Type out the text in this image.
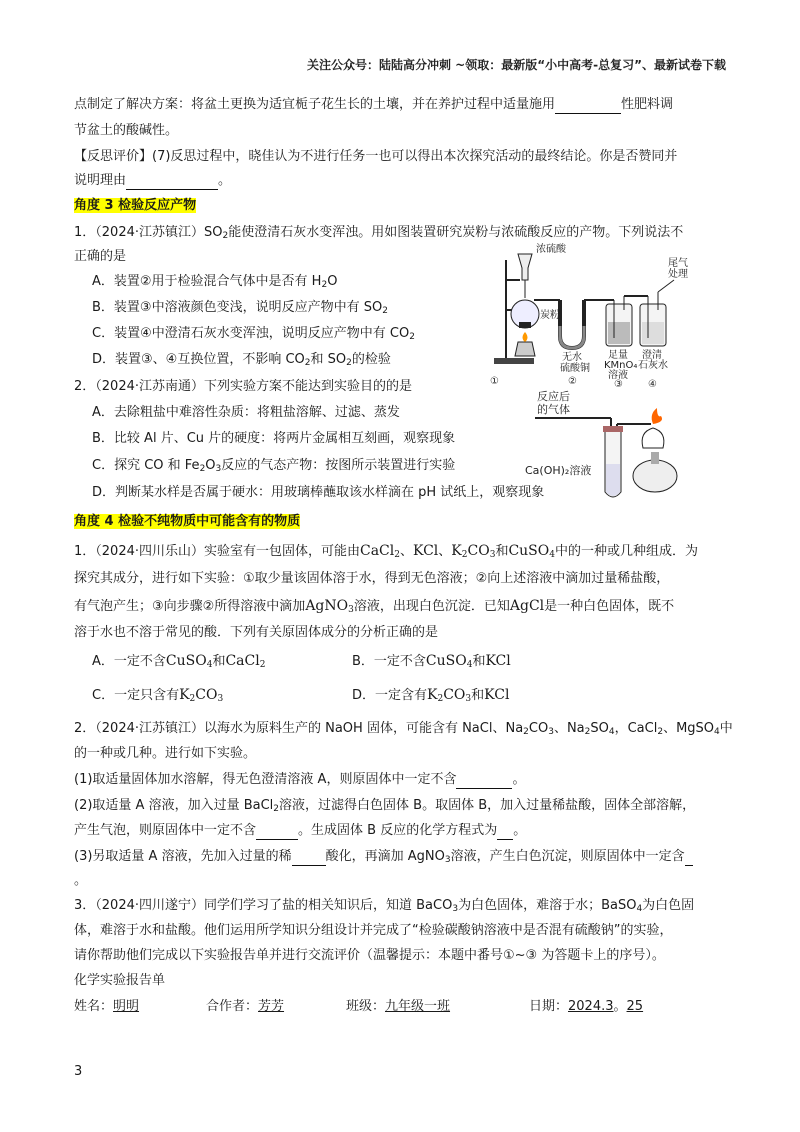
关注公众号：陆陆高分冲刺 ~领取：最新版“小中高考-总复习”、最新试卷下载
点制定了解决方案：将盆土更换为适宜栀子花生长的土壤，并在养护过程中适量施用	性肥料调
节盆土的酸碱性。
【反思评价】(7)反思过程中，晓佳认为不进行任务一也可以得出本次探究活动的最终结论。你是否赞同并
说明理由	。
角度 3 检验反应产物
1．（2024·江苏镇江）$SO_2$能使澄清石灰水变浑浊。用如图装置研究炭粉与浓硫酸反应的产物。下列说法不
正确的是
A．装置②用于检验混合气体中是否有 $H_2O$
B．装置③中溶液颜色变浅，说明反应产物中有 $SO_2$
C．装置④中澄清石灰水变浑浊，说明反应产物中有 $CO_2$
D．装置③、④互换位置，不影响 $CO_2$和 $SO_2$的检验
2．（2024·江苏南通）下列实验方案不能达到实验目的的是
A．去除粗盐中难溶性杂质：将粗盐溶解、过滤、蒸发
B．比较 Al 片、Cu 片的硬度：将两片金属相互刻画，观察现象
C．探究 CO 和 $Fe_2O_3$反应的气态产物：按图所示装置进行实验
D．判断某水样是否属于硬水：用玻璃棒蘸取该水样滴在 pH 试纸上，观察现象
浓硫酸
炭粉
无水
硫酸铜
足量
KMnO₄
溶液
澄清
石灰水
尾气
处理
①	②	③	④
反应后
的气体
Ca(OH)₂溶液
角度 4 检验不纯物质中可能含有的物质
1．（2024·四川乐山）实验室有一包固体，可能由CaCl$_2$、KCl、$K_2CO_3$和CuSO$_4$中的一种或几种组成．为
探究其成分，进行如下实验：①取少量该固体溶于水，得到无色溶液；②向上述溶液中滴加过量稀盐酸，
有气泡产生；③向步骤②所得溶液中滴加AgNO$_3$溶液，出现白色沉淀．已知AgCl是一种白色固体，既不
溶于水也不溶于常见的酸．下列有关原固体成分的分析正确的是
A．一定不含CuSO$_4$和CaCl$_2$	B．一定不含CuSO$_4$和KCl
C．一定只含有$K_2CO_3$	D．一定含有$K_2CO_3$和KCl
2．（2024·江苏镇江）以海水为原料生产的 NaOH 固体，可能含有 NaCl、$Na_2CO_3$、$Na_2SO_4$，CaCl$_2$、MgSO$_4$中
的一种或几种。进行如下实验。
(1)取适量固体加水溶解，得无色澄清溶液 A，则原固体中一定不含	。
(2)取适量 A 溶液，加入过量 BaCl$_2$溶液，过滤得白色固体 B。取固体 B，加入过量稀盐酸，固体全部溶解，
产生气泡，则原固体中一定不含	。生成固体 B 反应的化学方程式为 。
(3)另取适量 A 溶液，先加入过量的稀	酸化，再滴加 AgNO$_3$溶液，产生白色沉淀，则原固体中一定含
。
3．（2024·四川遂宁）同学们学习了盐的相关知识后，知道 BaCO$_3$为白色固体，难溶于水；BaSO$_4$为白色固
体，难溶于水和盐酸。他们运用所学知识分组设计并完成了“检验碳酸钠溶液中是否混有硫酸钠”的实验，
请你帮助他们完成以下实验报告单并进行交流评价（温馨提示：本题中番号①~③ 为答题卡上的序号）。
化学实验报告单
姓名：明明	合作者：芳芳	班级：九年级一班	日期：2024.3。25
3
